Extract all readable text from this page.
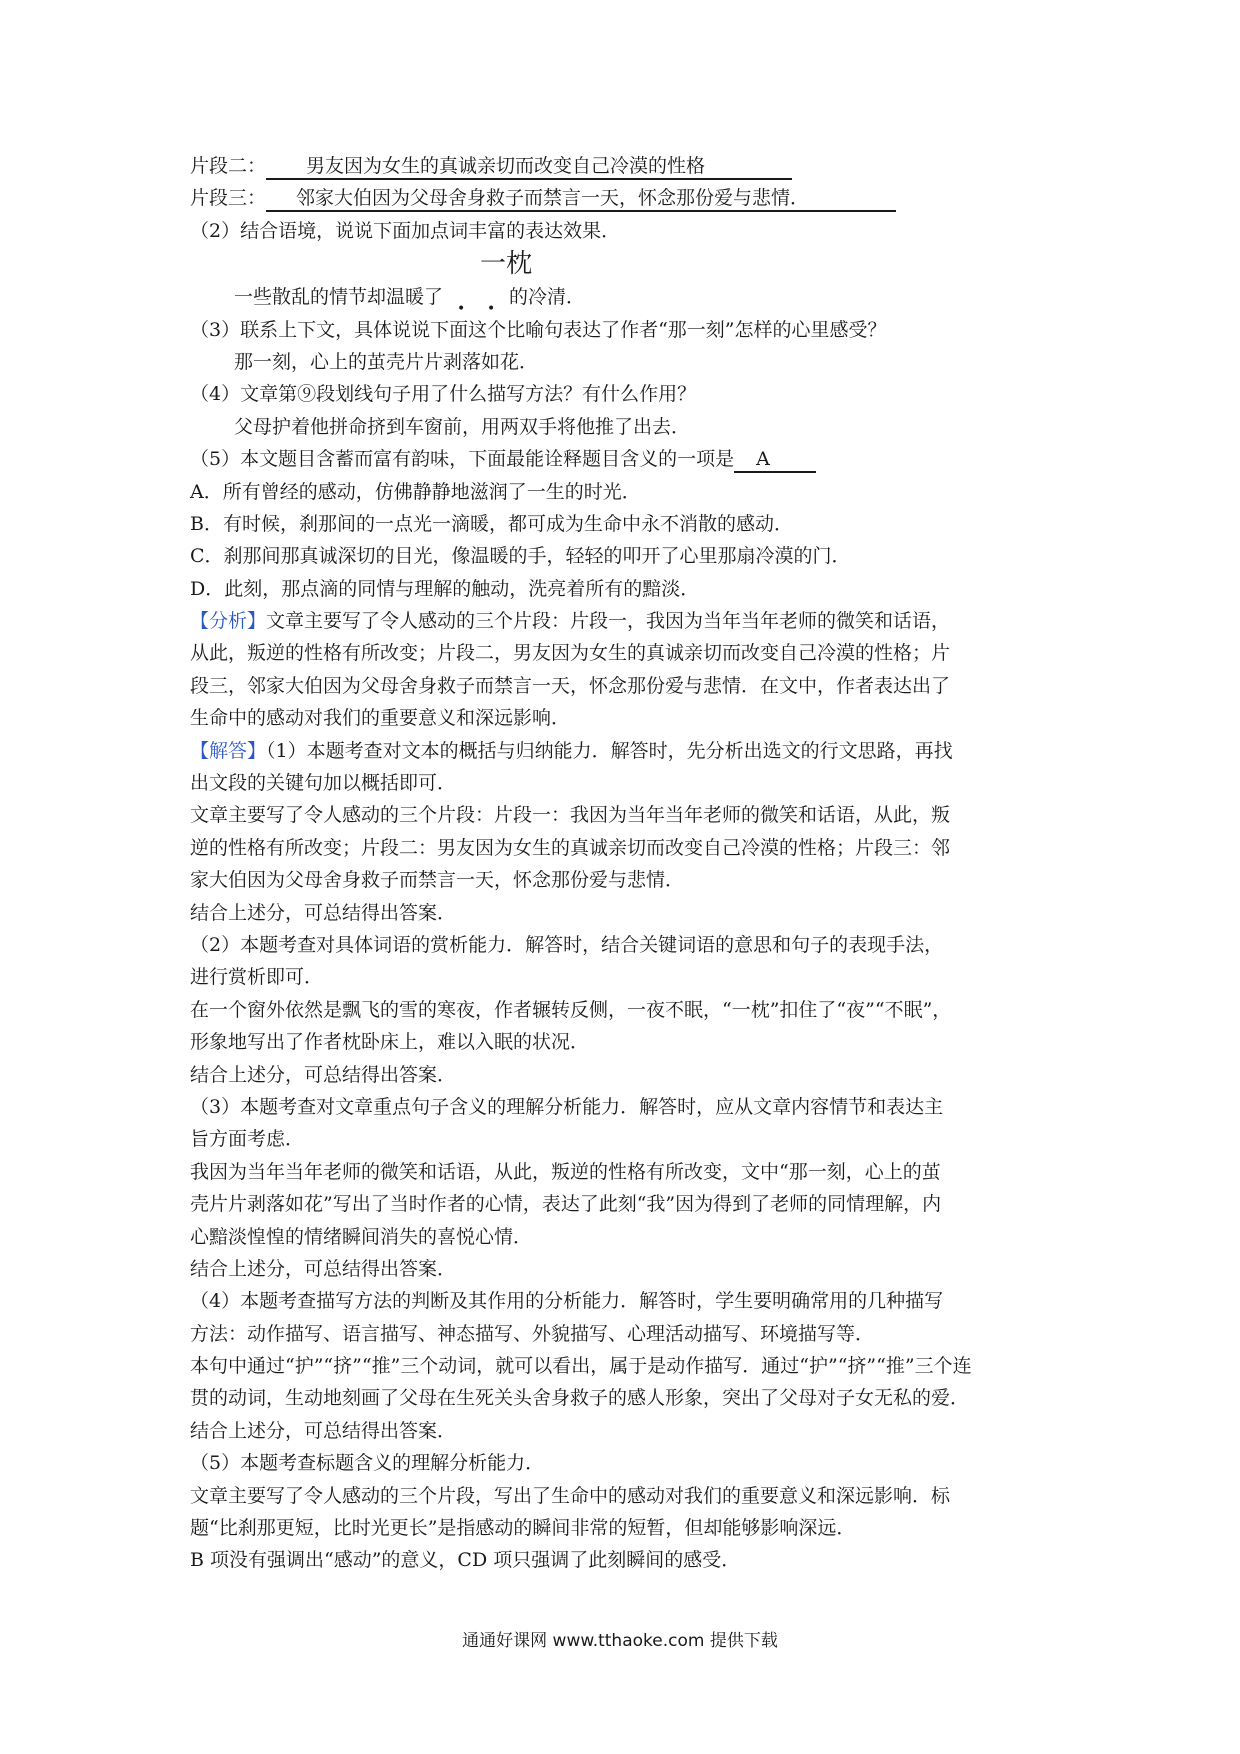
片段二： 男友因为女生的真诚亲切而改变自己冷漠的性格
片段三： 邻家大伯因为父母舍身救子而禁言一天，怀念那份爱与悲情．
（2）结合语境，说说下面加点词丰富的表达效果．
一枕
一些散乱的情节却温暖了	的冷清．
（3）联系上下文，具体说说下面这个比喻句表达了作者“那一刻”怎样的心里感受？
那一刻，心上的茧壳片片剥落如花．
（4）文章第⑨段划线句子用了什么描写方法？有什么作用？
父母护着他拼命挤到车窗前，用两双手将他推了出去．
（5）本文题目含蓄而富有韵味，下面最能诠释题目含义的一项是 A
A．所有曾经的感动，仿佛静静地滋润了一生的时光．
B．有时候，刹那间的一点光一滴暖，都可成为生命中永不消散的感动．
C．刹那间那真诚深切的目光，像温暖的手，轻轻的叩开了心里那扇冷漠的门．
D．此刻，那点滴的同情与理解的触动，洗亮着所有的黯淡．
【分析】文章主要写了令人感动的三个片段：片段一，我因为当年当年老师的微笑和话语，
从此，叛逆的性格有所改变；片段二，男友因为女生的真诚亲切而改变自己冷漠的性格；片
段三，邻家大伯因为父母舍身救子而禁言一天，怀念那份爱与悲情．在文中，作者表达出了
生命中的感动对我们的重要意义和深远影响．
【解答】（1）本题考查对文本的概括与归纳能力．解答时，先分析出选文的行文思路，再找
出文段的关键句加以概括即可．
文章主要写了令人感动的三个片段：片段一：我因为当年当年老师的微笑和话语，从此，叛
逆的性格有所改变；片段二：男友因为女生的真诚亲切而改变自己冷漠的性格；片段三：邻
家大伯因为父母舍身救子而禁言一天，怀念那份爱与悲情．
结合上述分，可总结得出答案．
（2）本题考查对具体词语的赏析能力．解答时，结合关键词语的意思和句子的表现手法，
进行赏析即可．
在一个窗外依然是飘飞的雪的寒夜，作者辗转反侧，一夜不眠，“一枕”扣住了“夜”“不眠”，
形象地写出了作者枕卧床上，难以入眠的状况．
结合上述分，可总结得出答案．
（3）本题考查对文章重点句子含义的理解分析能力．解答时，应从文章内容情节和表达主
旨方面考虑．
我因为当年当年老师的微笑和话语，从此，叛逆的性格有所改变，文中“那一刻，心上的茧
壳片片剥落如花”写出了当时作者的心情，表达了此刻“我”因为得到了老师的同情理解，内
心黯淡惶惶的情绪瞬间消失的喜悦心情．
结合上述分，可总结得出答案．
（4）本题考查描写方法的判断及其作用的分析能力．解答时，学生要明确常用的几种描写
方法：动作描写、语言描写、神态描写、外貌描写、心理活动描写、环境描写等．
本句中通过“护”“挤”“推”三个动词，就可以看出，属于是动作描写．通过“护”“挤”“推”三个连
贯的动词，生动地刻画了父母在生死关头舍身救子的感人形象，突出了父母对子女无私的爱．
结合上述分，可总结得出答案．
（5）本题考查标题含义的理解分析能力．
文章主要写了令人感动的三个片段，写出了生命中的感动对我们的重要意义和深远影响．标
题“比刹那更短，比时光更长”是指感动的瞬间非常的短暂，但却能够影响深远．
B 项没有强调出“感动”的意义，CD 项只强调了此刻瞬间的感受．
通通好课网 www.tthaoke.com 提供下载
